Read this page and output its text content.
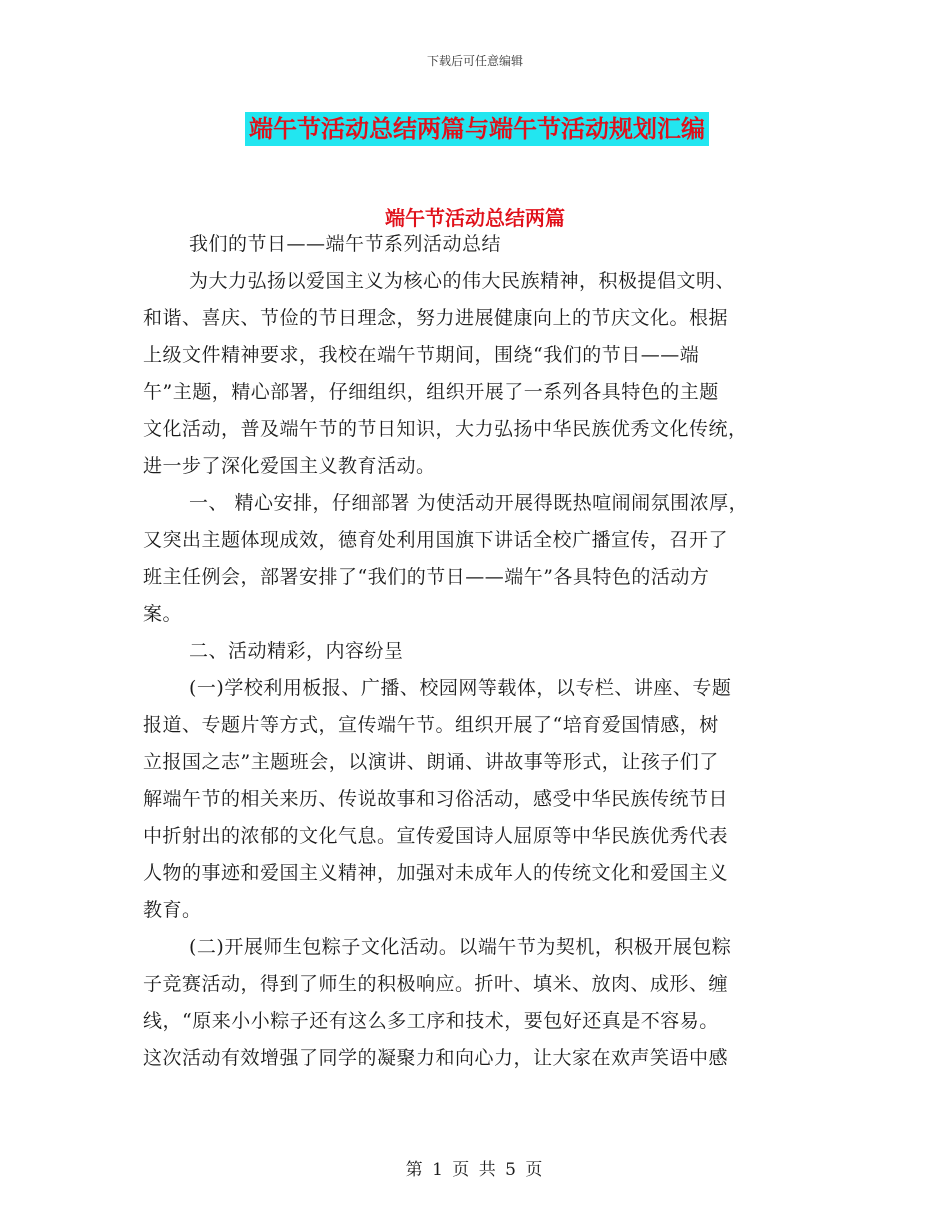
下载后可任意编辑
端午节活动总结两篇与端午节活动规划汇编
端午节活动总结两篇
我们的节日——端午节系列活动总结
为大力弘扬以爱国主义为核心的伟大民族精神，积极提倡文明、
和谐、喜庆、节俭的节日理念，努力进展健康向上的节庆文化。根据
上级文件精神要求，我校在端午节期间，围绕“我们的节日——端
午”主题，精心部署，仔细组织，组织开展了一系列各具特色的主题
文化活动，普及端午节的节日知识，大力弘扬中华民族优秀文化传统，
进一步了深化爱国主义教育活动。
一、 精心安排，仔细部署 为使活动开展得既热喧闹闹氛围浓厚，
又突出主题体现成效，德育处利用国旗下讲话全校广播宣传，召开了
班主任例会，部署安排了“我们的节日——端午”各具特色的活动方
案。
二、活动精彩，内容纷呈
(一)学校利用板报、广播、校园网等载体，以专栏、讲座、专题
报道、专题片等方式，宣传端午节。组织开展了“培育爱国情感，树
立报国之志”主题班会，以演讲、朗诵、讲故事等形式，让孩子们了
解端午节的相关来历、传说故事和习俗活动，感受中华民族传统节日
中折射出的浓郁的文化气息。宣传爱国诗人屈原等中华民族优秀代表
人物的事迹和爱国主义精神，加强对未成年人的传统文化和爱国主义
教育。
(二)开展师生包粽子文化活动。以端午节为契机，积极开展包粽
子竞赛活动，得到了师生的积极响应。折叶、填米、放肉、成形、缠
线，“原来小小粽子还有这么多工序和技术，要包好还真是不容易。
这次活动有效增强了同学的凝聚力和向心力，让大家在欢声笑语中感
第 1 页 共 5 页
